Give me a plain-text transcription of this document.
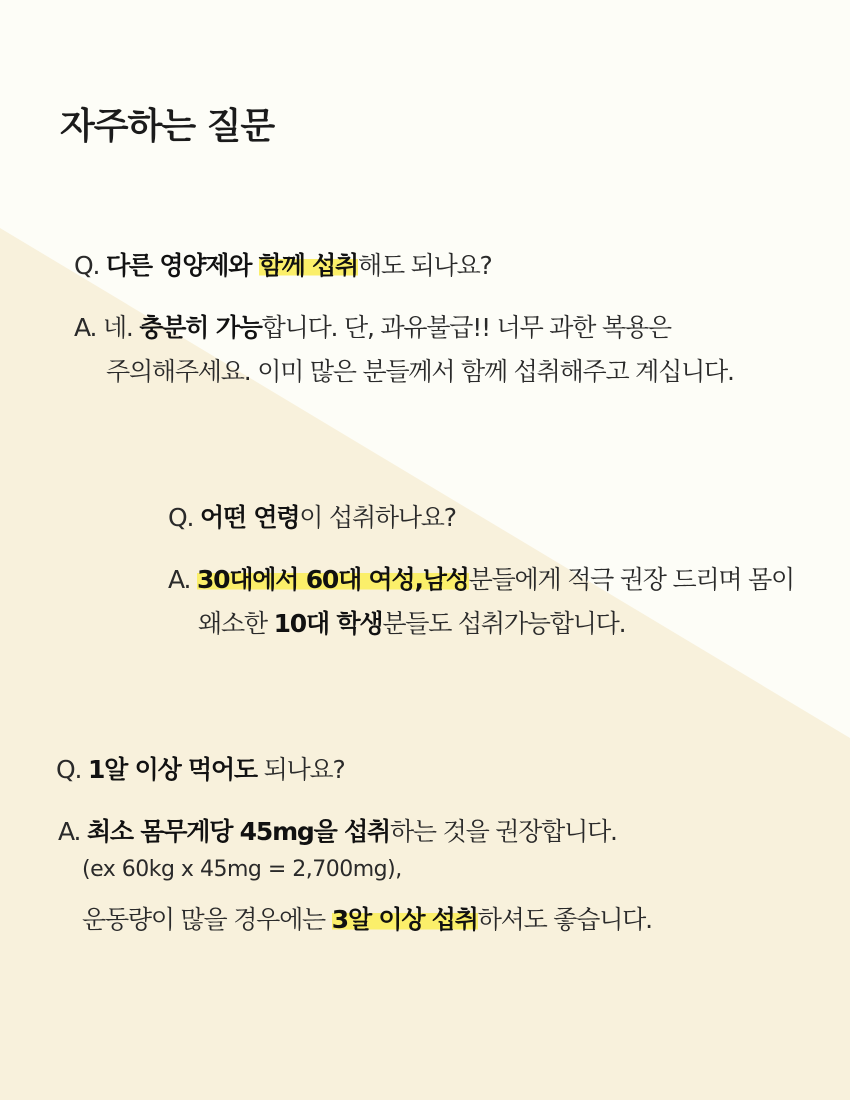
자주하는 질문
Q. 다른 영양제와 함께 섭취해도 되나요?
A. 네. 충분히 가능합니다. 단, 과유불급!! 너무 과한 복용은
주의해주세요. 이미 많은 분들께서 함께 섭취해주고 계십니다.
Q. 어떤 연령이 섭취하나요?
A. 30대에서 60대 여성,남성분들에게 적극 권장 드리며 몸이
왜소한 10대 학생분들도 섭취가능합니다.
Q. 1알 이상 먹어도 되나요?
A. 최소 몸무게당 45mg을 섭취하는 것을 권장합니다.
(ex 60kg x 45mg = 2,700mg),
운동량이 많을 경우에는 3알 이상 섭취하셔도 좋습니다.
